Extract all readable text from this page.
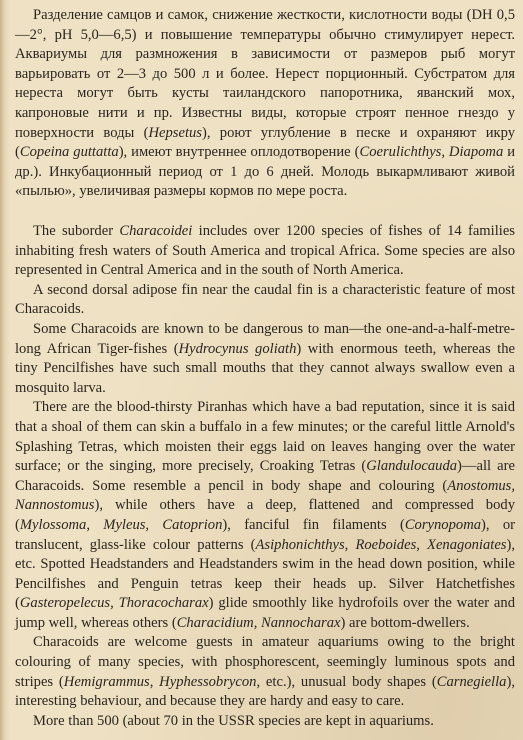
Разделение самцов и самок, снижение жесткости, кислотности воды (DH 0,5—2°, pH 5,0—6,5) и повышение температуры обычно стимулирует нерест. Аквариумы для размножения в зависимости от размеров рыб могут варьировать от 2—3 до 500 л и более. Нерест порционный. Субстратом для нереста могут быть кусты таиландского папоротника, яванский мох, капроновые нити и пр. Известны виды, которые строят пенное гнездо у поверхности воды (Hepsetus), роют углубление в песке и охраняют икру (Copeina guttatta), имеют внутреннее оплодотворение (Coerulichthys, Diapoma и др.). Инкубационный период от 1 до 6 дней. Молодь выкармливают живой «пылью», увеличивая размеры кормов по мере роста.

The suborder Characoidei includes over 1200 species of fishes of 14 families inhabiting fresh waters of South America and tropical Africa. Some species are also represented in Central America and in the south of North America.

A second dorsal adipose fin near the caudal fin is a characteristic feature of most Characoids.

Some Characoids are known to be dangerous to man—the one-and-a-half-metre-long African Tiger-fishes (Hydrocynus goliath) with enormous teeth, whereas the tiny Pencilfishes have such small mouths that they cannot always swallow even a mosquito larva.

There are the blood-thirsty Piranhas which have a bad reputation, since it is said that a shoal of them can skin a buffalo in a few minutes; or the careful little Arnold's Splashing Tetras, which moisten their eggs laid on leaves hanging over the water surface; or the singing, more precisely, Croaking Tetras (Glandulocauda)—all are Characoids. Some resemble a pencil in body shape and colouring (Anostomus, Nannostomus), while others have a deep, flattened and compressed body (Mylossoma, Myleus, Catoprion), fanciful fin filaments (Corynopoma), or translucent, glass-like colour patterns (Asiphonichthys, Roeboides, Xenagoniates), etc. Spotted Headstanders and Headstanders swim in the head down position, while Pencilfishes and Penguin tetras keep their heads up. Silver Hatchetfishes (Gasteropelecus, Thoracocharax) glide smoothly like hydrofoils over the water and jump well, whereas others (Characidium, Nannocharax) are bottom-dwellers.

Characoids are welcome guests in amateur aquariums owing to the bright colouring of many species, with phosphorescent, seemingly luminous spots and stripes (Hemigrammus, Hyphessobrycon, etc.), unusual body shapes (Carnegiella), interesting behaviour, and because they are hardy and easy to care.

More than 500 (about 70 in the USSR species are kept in aquariums.
